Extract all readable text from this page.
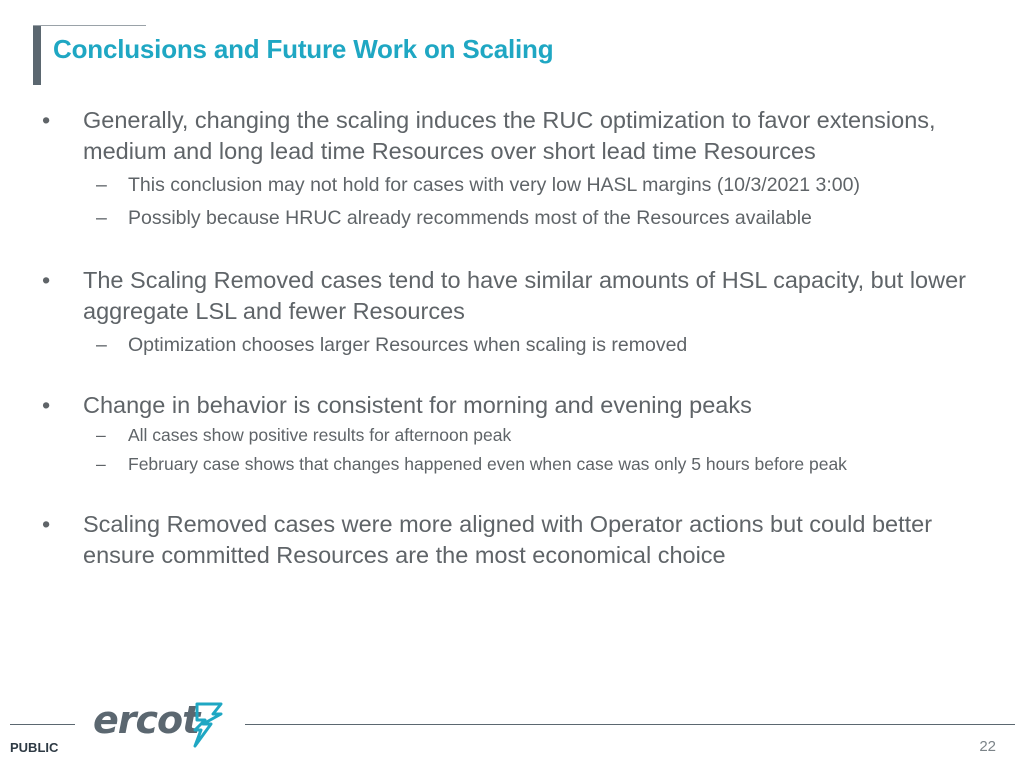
Conclusions and Future Work on Scaling
• Generally, changing the scaling induces the RUC optimization to favor extensions, medium and long lead time Resources over short lead time Resources
– This conclusion may not hold for cases with very low HASL margins (10/3/2021 3:00)
– Possibly because HRUC already recommends most of the Resources available
• The Scaling Removed cases tend to have similar amounts of HSL capacity, but lower aggregate LSL and fewer Resources
– Optimization chooses larger Resources when scaling is removed
• Change in behavior is consistent for morning and evening peaks
– All cases show positive results for afternoon peak
– February case shows that changes happened even when case was only 5 hours before peak
• Scaling Removed cases were more aligned with Operator actions but could better ensure committed Resources are the most economical choice
ercot
PUBLIC	22
